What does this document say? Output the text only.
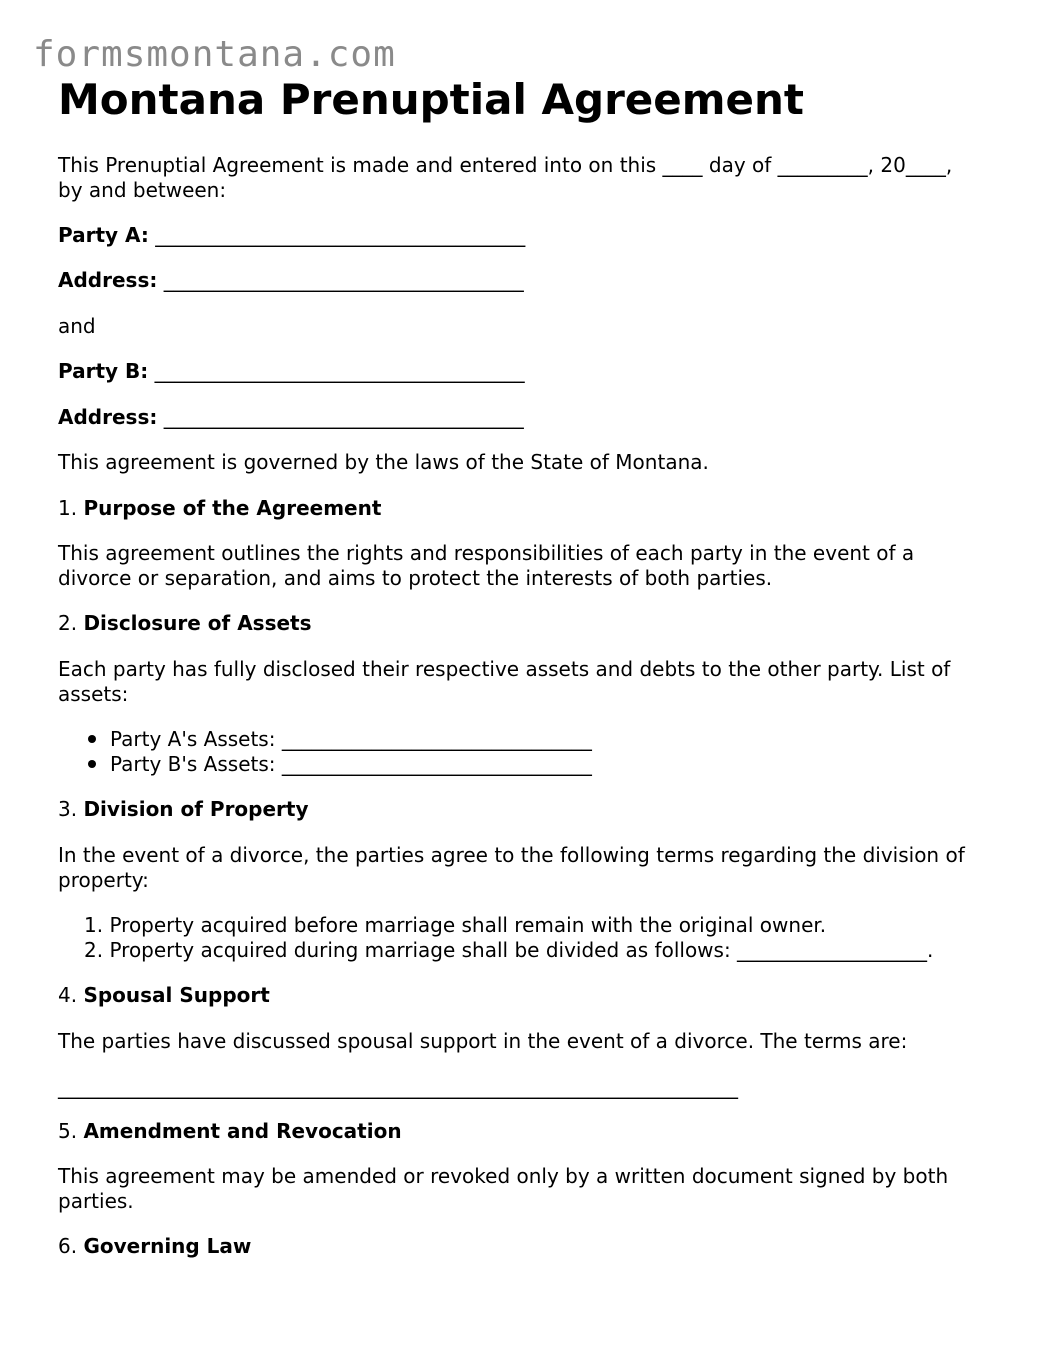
formsmontana.com
Montana Prenuptial Agreement
This Prenuptial Agreement is made and entered into on this ____ day of _________, 20____,
by and between:
Party A: _____________________________________
Address: ____________________________________
and
Party B: _____________________________________
Address: ____________________________________
This agreement is governed by the laws of the State of Montana.
1. Purpose of the Agreement
This agreement outlines the rights and responsibilities of each party in the event of a
divorce or separation, and aims to protect the interests of both parties.
2. Disclosure of Assets
Each party has fully disclosed their respective assets and debts to the other party. List of
assets:
Party A's Assets: _______________________________
Party B's Assets: _______________________________
3. Division of Property
In the event of a divorce, the parties agree to the following terms regarding the division of
property:
1. Property acquired before marriage shall remain with the original owner.
2. Property acquired during marriage shall be divided as follows: ___________________.
4. Spousal Support
The parties have discussed spousal support in the event of a divorce. The terms are:
____________________________________________________________________
5. Amendment and Revocation
This agreement may be amended or revoked only by a written document signed by both
parties.
6. Governing Law
